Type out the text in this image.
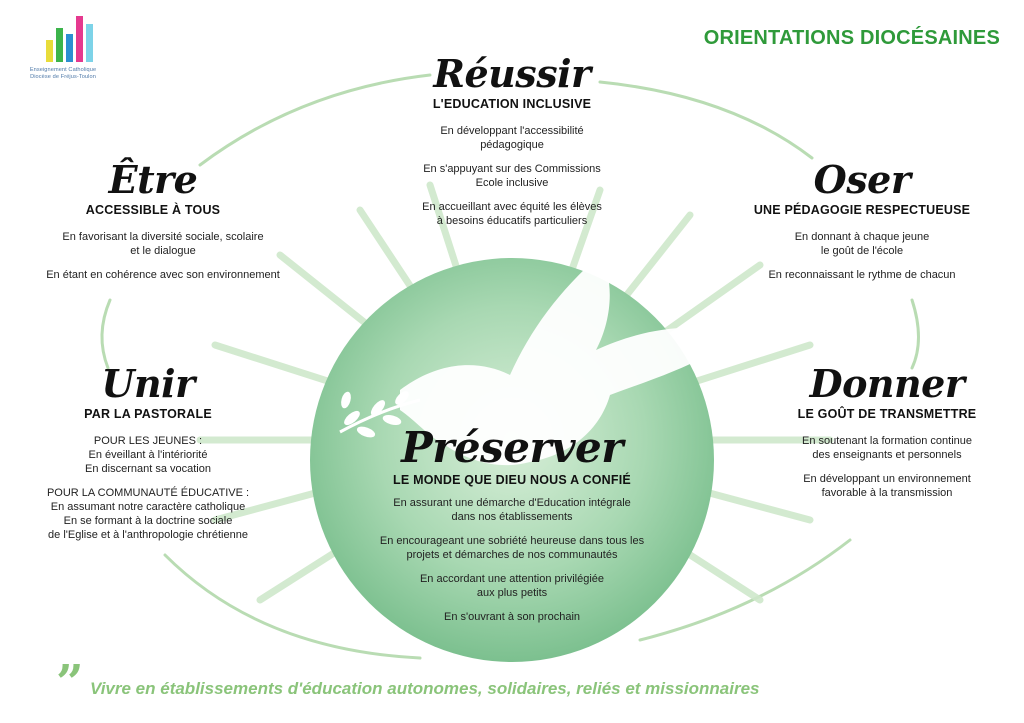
Enseignement Catholique
Diocèse de Fréjus-Toulon
ORIENTATIONS DIOCÉSAINES
Réussir
L'EDUCATION INCLUSIVE
En développant l'accessibilité
pédagogique
En s'appuyant sur des Commissions
Ecole inclusive
En accueillant avec équité les élèves
à besoins éducatifs particuliers
Être
ACCESSIBLE À TOUS
En favorisant la diversité sociale, scolaire
et le dialogue
En étant en cohérence avec son environnement
Oser
UNE PÉDAGOGIE RESPECTUEUSE
En donnant à chaque jeune
le goût de l'école
En reconnaissant le rythme de chacun
Unir
PAR LA PASTORALE
POUR LES JEUNES :
En éveillant à l'intériorité
En discernant sa vocation
POUR LA COMMUNAUTÉ ÉDUCATIVE :
En assumant notre caractère catholique
En se formant à la doctrine sociale
de l'Eglise et à l'anthropologie chrétienne
Donner
LE GOÛT DE TRANSMETTRE
En soutenant la formation continue
des enseignants et personnels
En développant un environnement
favorable à la transmission
Préserver
LE MONDE QUE DIEU NOUS A CONFIÉ
En assurant une démarche d'Education intégrale
dans nos établissements
En encourageant une sobriété heureuse dans tous les
projets et démarches de nos communautés
En accordant une attention privilégiée
aux plus petits
En s'ouvrant à son prochain
” Vivre en établissements d'éducation autonomes, solidaires, reliés et missionnaires
